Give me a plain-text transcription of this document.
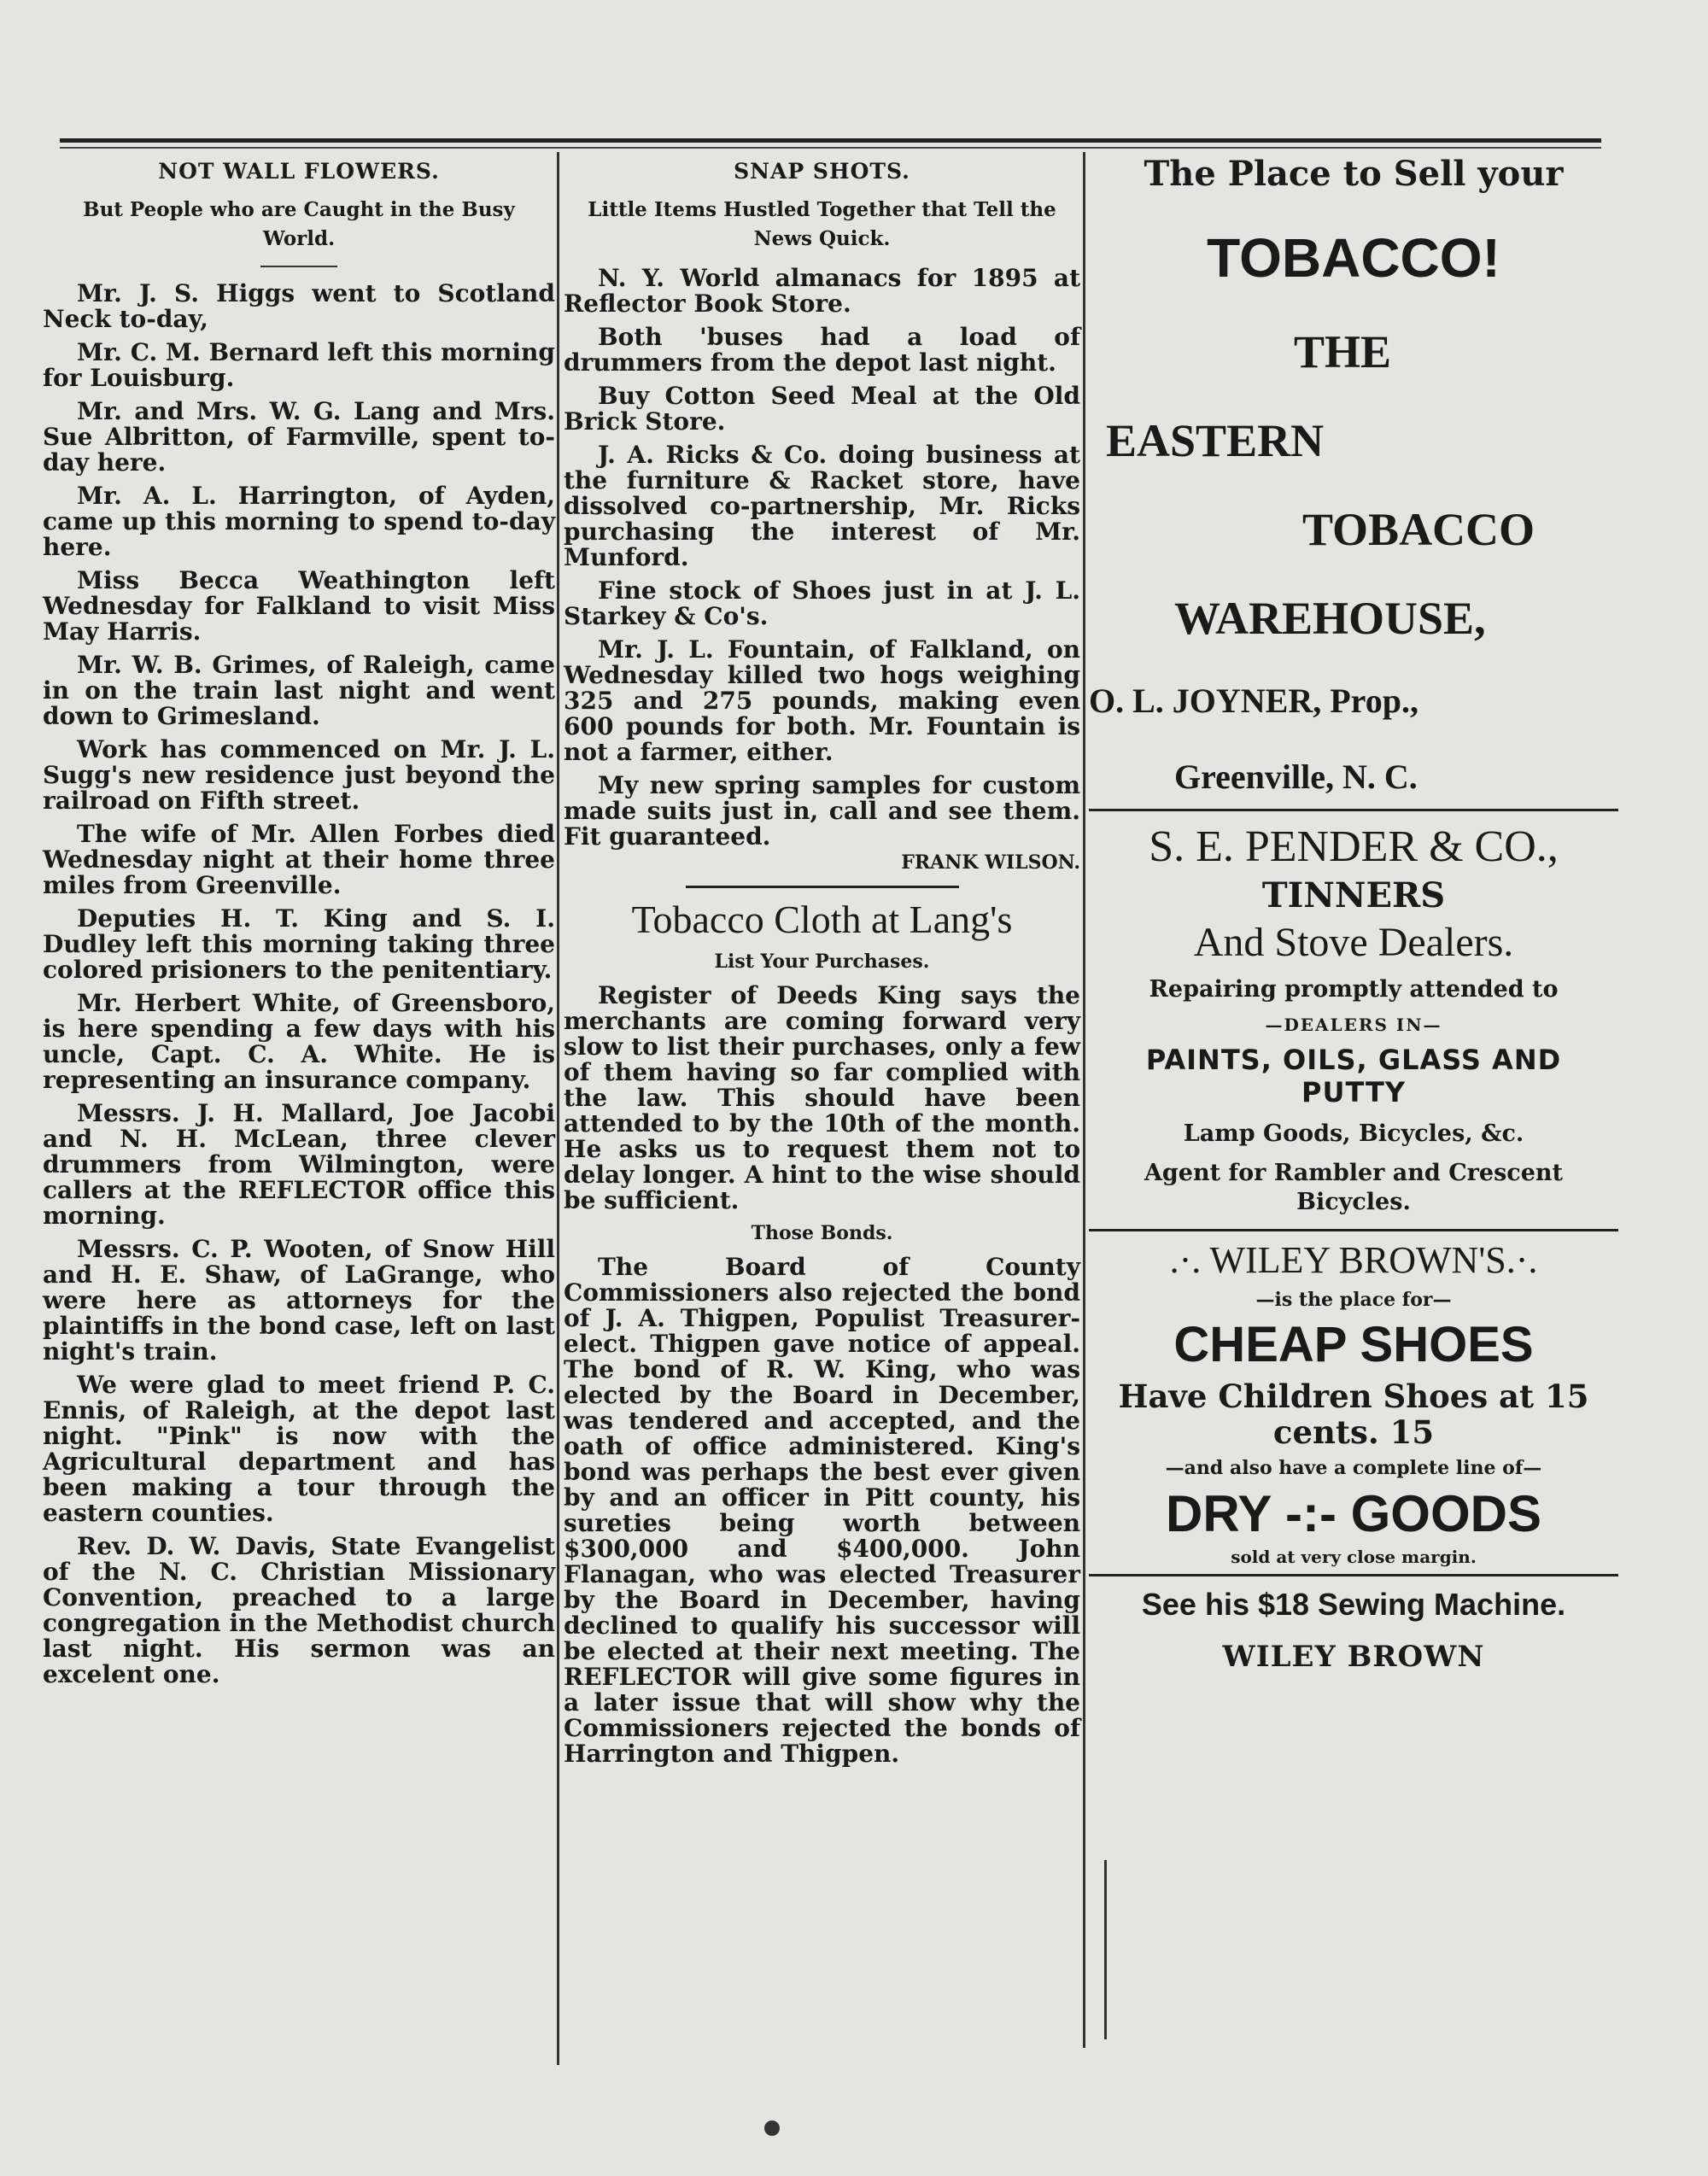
NOT WALL FLOWERS.
But People who are Caught in the Busy World.

Mr. J. S. Higgs went to Scotland Neck to-day,

Mr. C. M. Bernard left this morning for Louisburg.

Mr. and Mrs. W. G. Lang and Mrs. Sue Albritton, of Farmville, spent to-day here.

Mr. A. L. Harrington, of Ayden, came up this morning to spend to-day here.

Miss Becca Weathington left Wednesday for Falkland to visit Miss May Harris.

Mr. W. B. Grimes, of Raleigh, came in on the train last night and went down to Grimesland.

Work has commenced on Mr. J. L. Sugg's new residence just beyond the railroad on Fifth street.

The wife of Mr. Allen Forbes died Wednesday night at their home three miles from Greenville.

Deputies H. T. King and S. I. Dudley left this morning taking three colored prisioners to the penitentiary.

Mr. Herbert White, of Greensboro, is here spending a few days with his uncle, Capt. C. A. White. He is representing an insurance company.

Messrs. J. H. Mallard, Joe Jacobi and N. H. McLean, three clever drummers from Wilmington, were callers at the REFLECTOR office this morning.

Messrs. C. P. Wooten, of Snow Hill and H. E. Shaw, of LaGrange, who were here as attorneys for the plaintiffs in the bond case, left on last night's train.

We were glad to meet friend P. C. Ennis, of Raleigh, at the depot last night. "Pink" is now with the Agricultural department and has been making a tour through the eastern counties.

Rev. D. W. Davis, State Evangelist of the N. C. Christian Missionary Convention, preached to a large congregation in the Methodist church last night. His sermon was an excelent one.

SNAP SHOTS.
Little Items Hustled Together that Tell the News Quick.

N. Y. World almanacs for 1895 at Reflector Book Store.

Both 'buses had a load of drummers from the depot last night.

Buy Cotton Seed Meal at the Old Brick Store.

J. A. Ricks & Co. doing business at the furniture & Racket store, have dissolved co-partnership, Mr. Ricks purchasing the interest of Mr. Munford.

Fine stock of Shoes just in at J. L. Starkey & Co's.

Mr. J. L. Fountain, of Falkland, on Wednesday killed two hogs weighing 325 and 275 pounds, making even 600 pounds for both. Mr. Fountain is not a farmer, either.

My new spring samples for custom made suits just in, call and see them. Fit guaranteed.

FRANK WILSON.
Tobacco Cloth at Lang's
List Your Purchases.

Register of Deeds King says the merchants are coming forward very slow to list their purchases, only a few of them having so far complied with the law. This should have been attended to by the 10th of the month. He asks us to request them not to delay longer. A hint to the wise should be sufficient.

Those Bonds.

The Board of County Commissioners also rejected the bond of J. A. Thigpen, Populist Treasurer-elect. Thigpen gave notice of appeal. The bond of R. W. King, who was elected by the Board in December, was tendered and accepted, and the oath of office administered. King's bond was perhaps the best ever given by and an officer in Pitt county, his sureties being worth between $300,000 and $400,000. John Flanagan, who was elected Treasurer by the Board in December, having declined to qualify his successor will be elected at their next meeting. The REFLECTOR will give some figures in a later issue that will show why the Commissioners rejected the bonds of Harrington and Thigpen.

The Place to Sell your
TOBACCO!
THE
EASTERN
TOBACCO
WAREHOUSE,
O. L. JOYNER, Prop.,
Greenville, N. C.
S. E. PENDER & CO.,
TINNERS
And Stove Dealers.
Repairing promptly attended to
—DEALERS IN—
PAINTS, OILS, GLASS AND PUTTY
Lamp Goods, Bicycles, &c.
Agent for Rambler and Crescent Bicycles.
.·. WILEY BROWN'S.·.
—is the place for—
CHEAP SHOES
Have Children Shoes at 15 cents. 15
—and also have a complete line of—
DRY -:- GOODS
sold at very close margin.
See his $18 Sewing Machine.
WILEY BROWN
